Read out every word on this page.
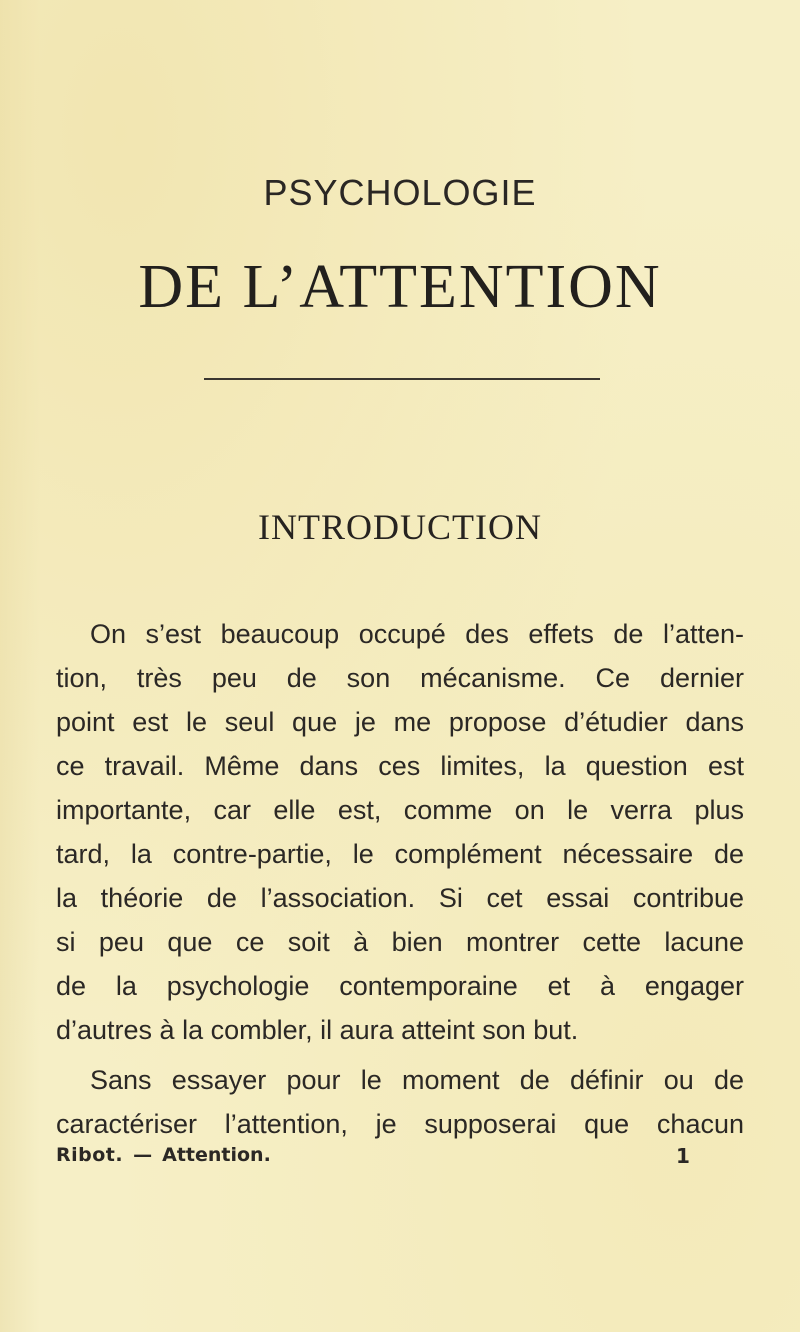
PSYCHOLOGIE
DE L’ATTENTION
INTRODUCTION
On s’est beaucoup occupé des effets de l’atten-
tion, très peu de son mécanisme. Ce dernier
point est le seul que je me propose d’étudier dans
ce travail. Même dans ces limites, la question est
importante, car elle est, comme on le verra plus
tard, la contre-partie, le complément nécessaire de
la théorie de l’association. Si cet essai contribue
si peu que ce soit à bien montrer cette lacune
de la psychologie contemporaine et à engager
d’autres à la combler, il aura atteint son but.
Sans essayer pour le moment de définir ou de
caractériser l’attention, je supposerai que chacun
Ribot. — Attention.	1
